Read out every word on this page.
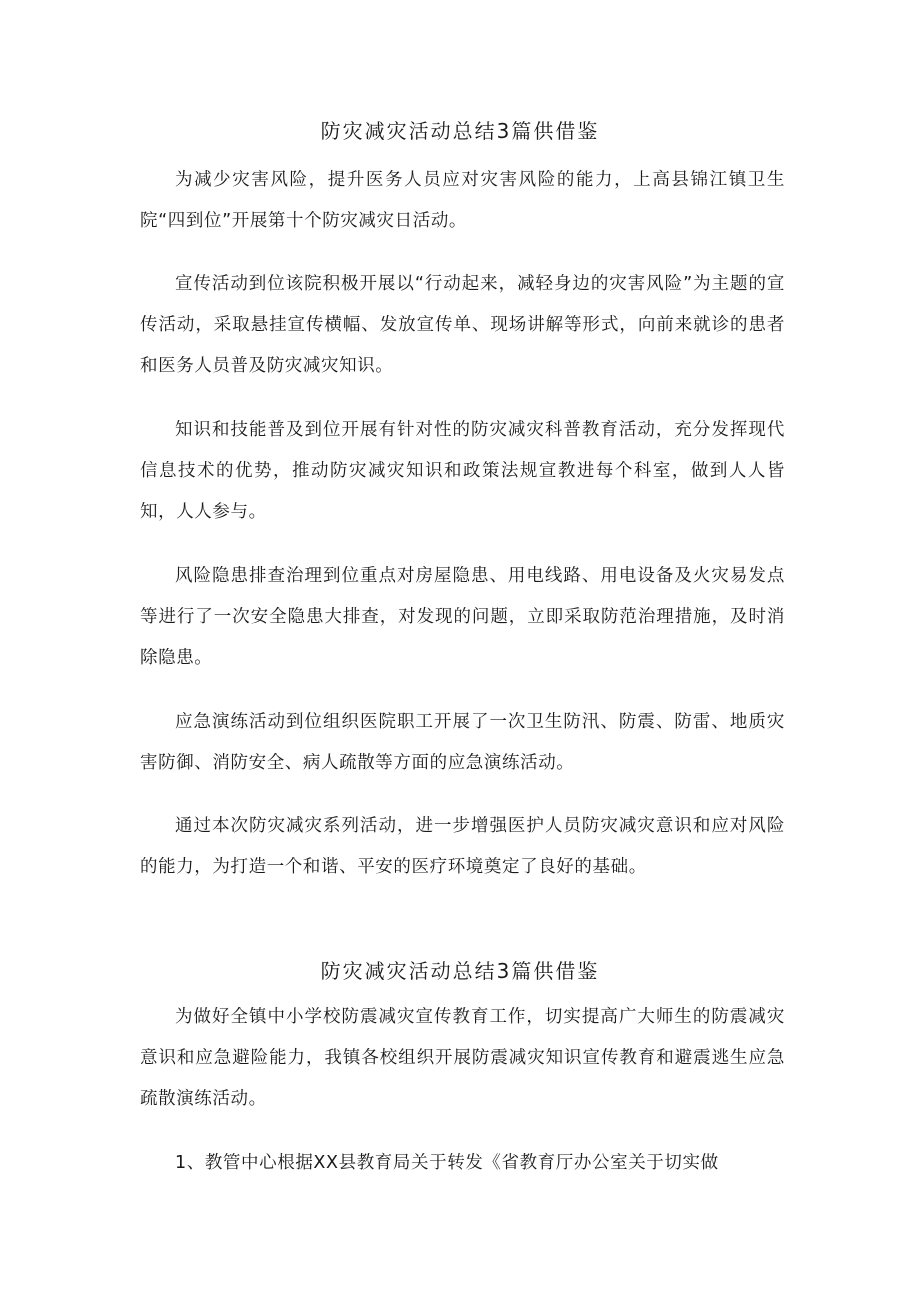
防灾减灾活动总结3篇供借鉴

为减少灾害风险，提升医务人员应对灾害风险的能力，上高县锦江镇卫生院“四到位”开展第十个防灾减灾日活动。

宣传活动到位该院积极开展以“行动起来，减轻身边的灾害风险”为主题的宣传活动，采取悬挂宣传横幅、发放宣传单、现场讲解等形式，向前来就诊的患者和医务人员普及防灾减灾知识。

知识和技能普及到位开展有针对性的防灾减灾科普教育活动，充分发挥现代信息技术的优势，推动防灾减灾知识和政策法规宣教进每个科室，做到人人皆知，人人参与。

风险隐患排查治理到位重点对房屋隐患、用电线路、用电设备及火灾易发点等进行了一次安全隐患大排查，对发现的问题，立即采取防范治理措施，及时消除隐患。

应急演练活动到位组织医院职工开展了一次卫生防汛、防震、防雷、地质灾害防御、消防安全、病人疏散等方面的应急演练活动。

通过本次防灾减灾系列活动，进一步增强医护人员防灾减灾意识和应对风险的能力，为打造一个和谐、平安的医疗环境奠定了良好的基础。

防灾减灾活动总结3篇供借鉴

为做好全镇中小学校防震减灾宣传教育工作，切实提高广大师生的防震减灾意识和应急避险能力，我镇各校组织开展防震减灾知识宣传教育和避震逃生应急疏散演练活动。

1、教管中心根据XX县教育局关于转发《省教育厅办公室关于切实做
